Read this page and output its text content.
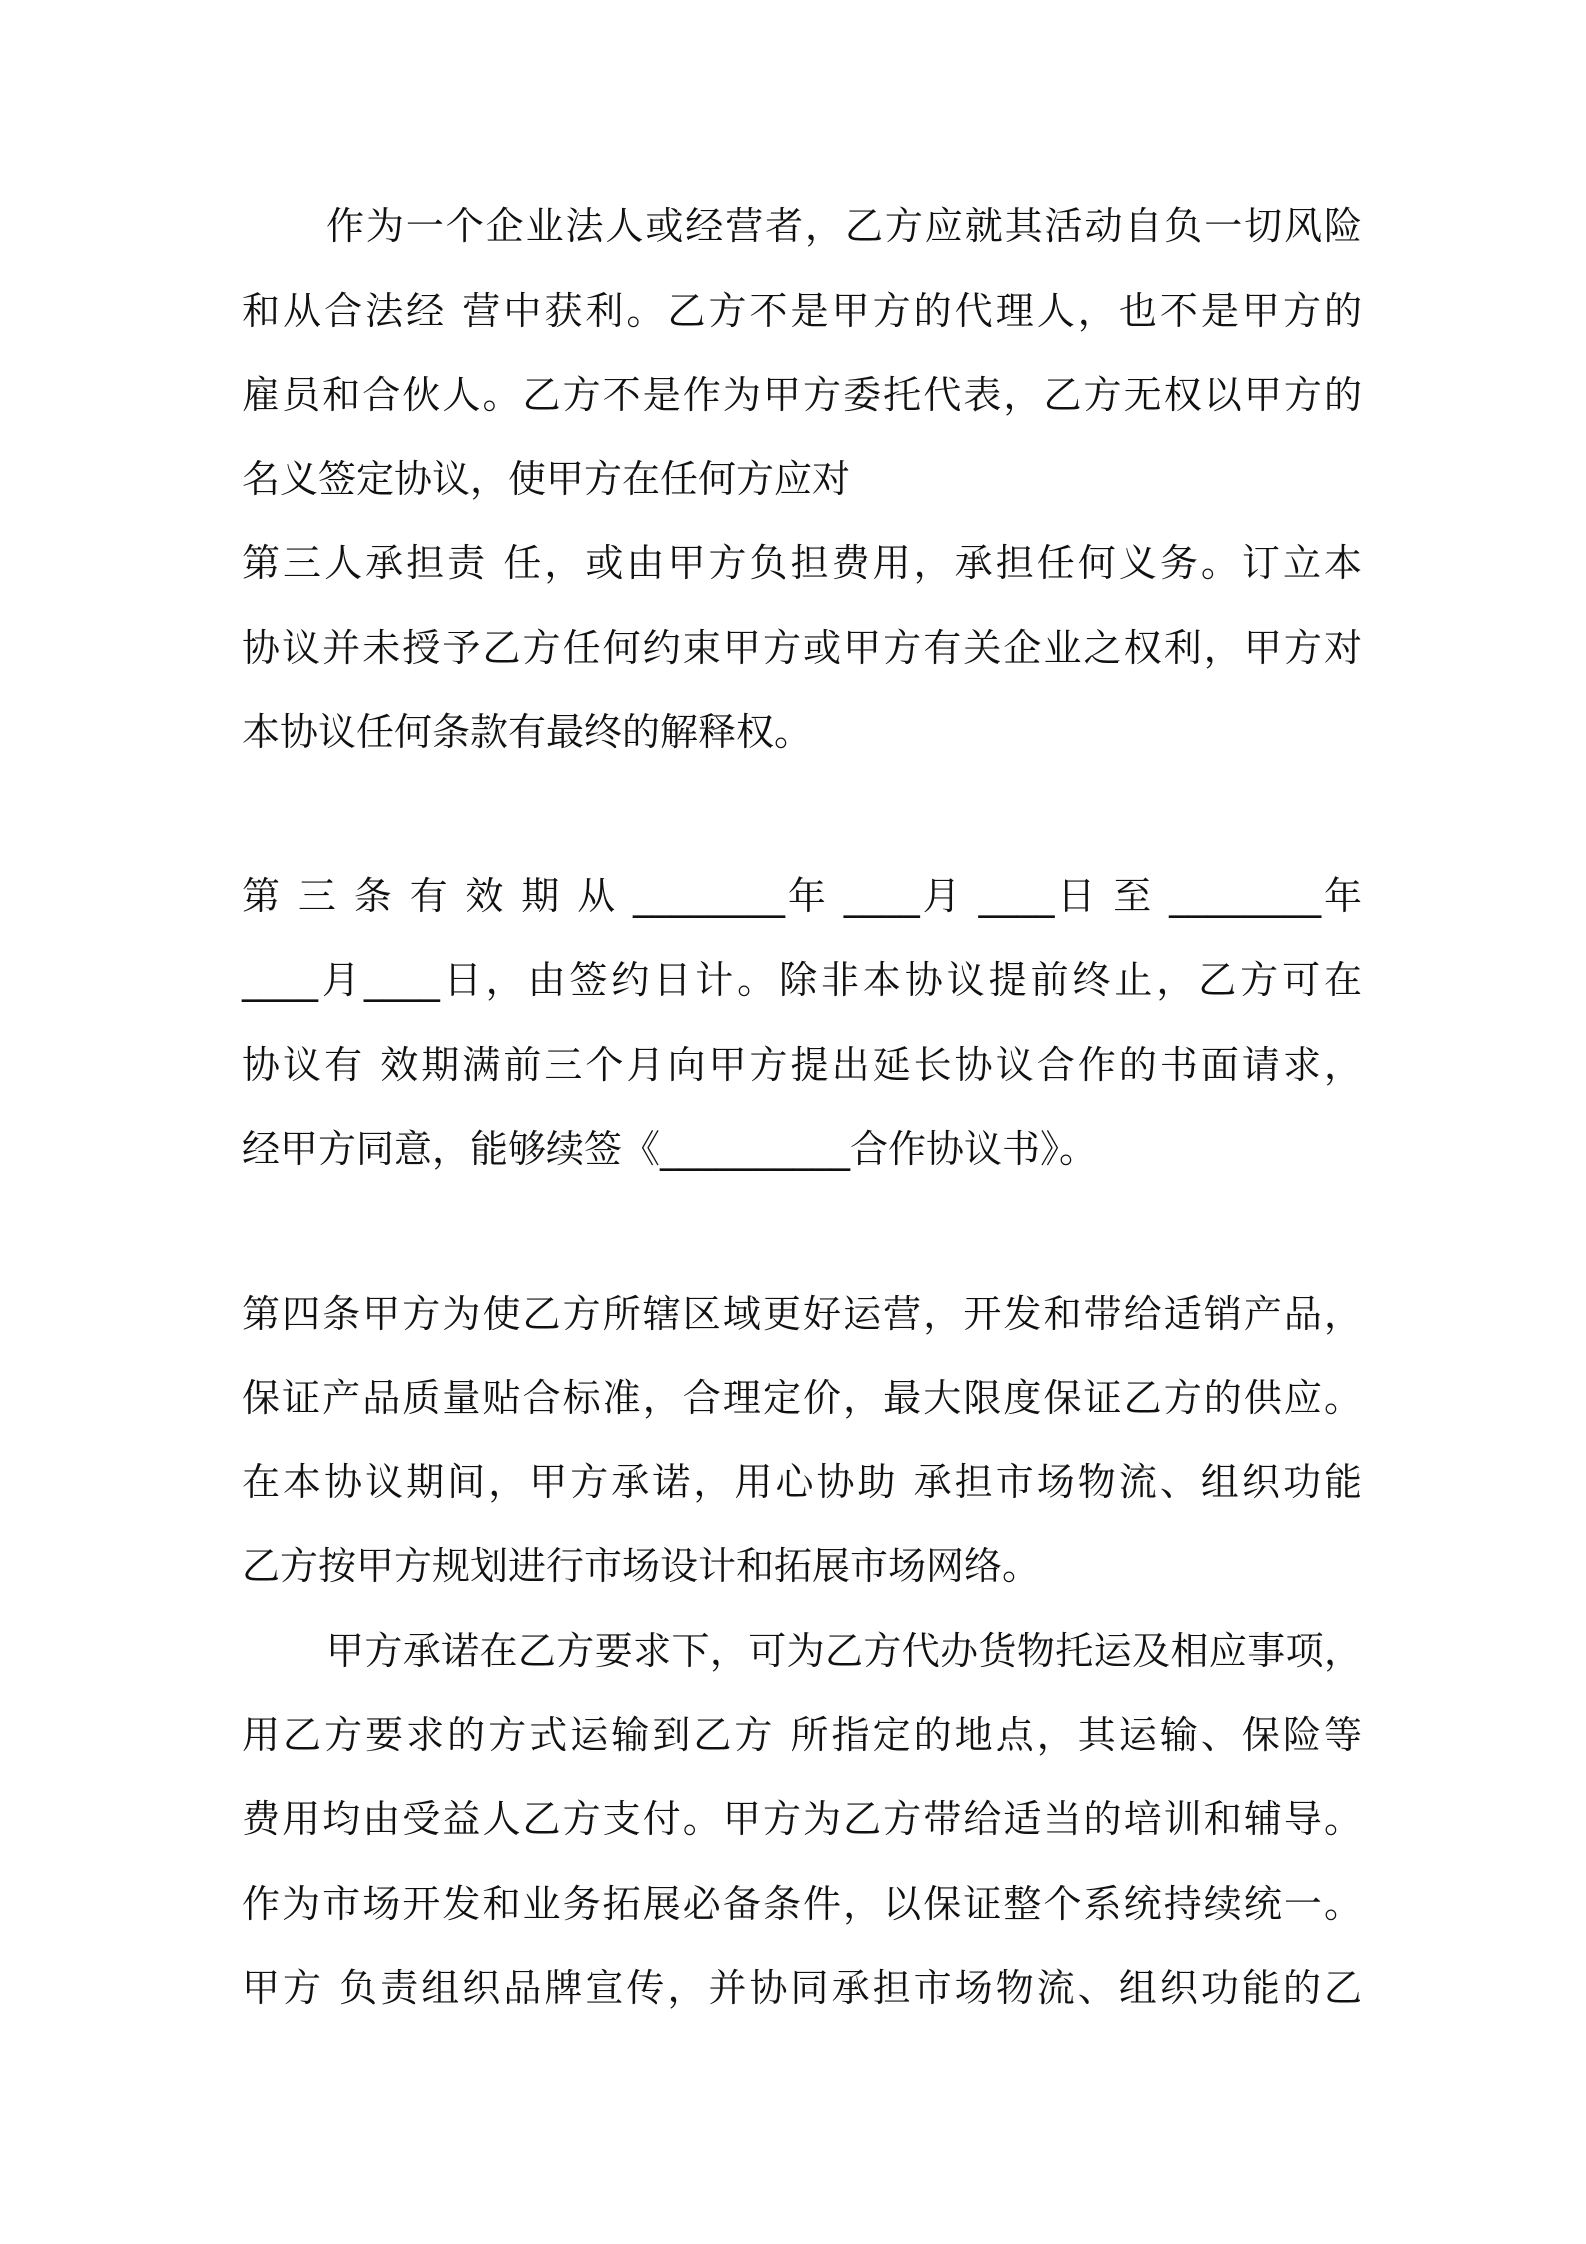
作为一个企业法人或经营者，乙方应就其活动自负一切风险

和从合法经 营中获利。乙方不是甲方的代理人，也不是甲方的

雇员和合伙人。乙方不是作为甲方委托代表，乙方无权以甲方的

名义签定协议，使甲方在任何方应对

第三人承担责 任，或由甲方负担费用，承担任何义务。订立本

协议并未授予乙方任何约束甲方或甲方有关企业之权利，甲方对

本协议任何条款有最终的解释权。

第 三 条 有 效 期 从 ________年 ____月 ____日 至 ________年

____月____日，由签约日计。除非本协议提前终止，乙方可在

协议有 效期满前三个月向甲方提出延长协议合作的书面请求，

经甲方同意，能够续签《__________合作协议书》。

第四条甲方为使乙方所辖区域更好运营，开发和带给适销产品，

保证产品质量贴合标准，合理定价，最大限度保证乙方的供应。

在本协议期间，甲方承诺，用心协助 承担市场物流、组织功能

乙方按甲方规划进行市场设计和拓展市场网络。

甲方承诺在乙方要求下，可为乙方代办货物托运及相应事项，

用乙方要求的方式运输到乙方 所指定的地点，其运输、保险等

费用均由受益人乙方支付。甲方为乙方带给适当的培训和辅导。

作为市场开发和业务拓展必备条件，以保证整个系统持续统一。

甲方 负责组织品牌宣传，并协同承担市场物流、组织功能的乙
